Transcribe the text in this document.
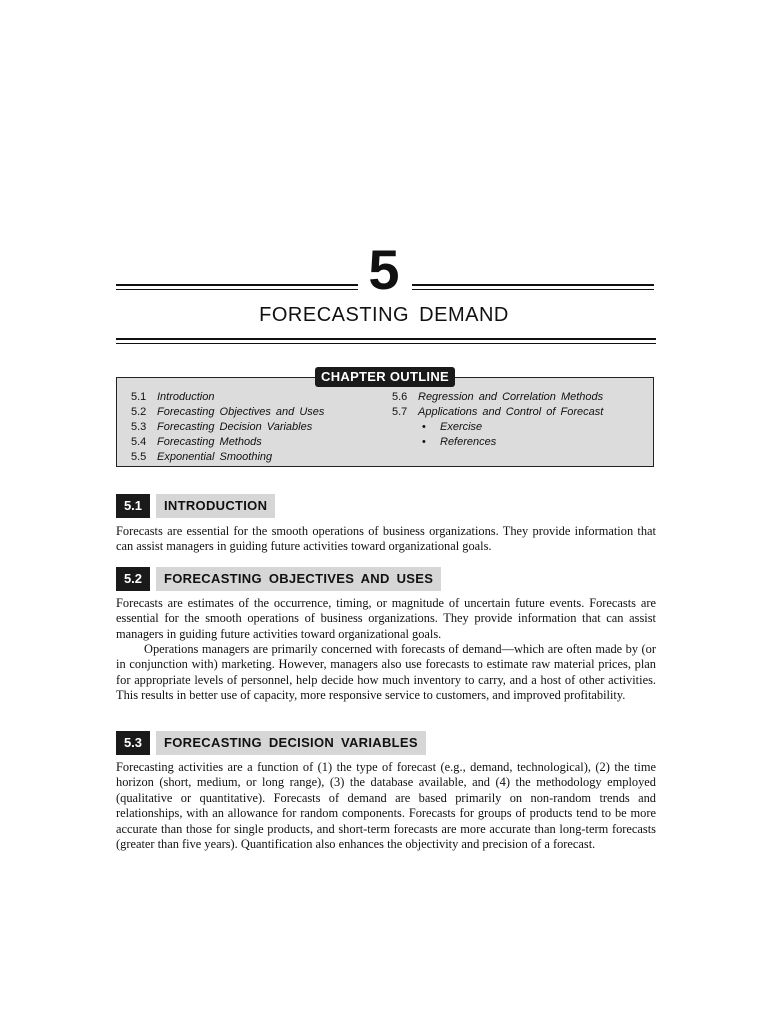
5
FORECASTING DEMAND
CHAPTER OUTLINE
5.1 Introduction
5.2 Forecasting Objectives and Uses
5.3 Forecasting Decision Variables
5.4 Forecasting Methods
5.5 Exponential Smoothing
5.6 Regression and Correlation Methods
5.7 Applications and Control of Forecast
• Exercise
• References
5.1	INTRODUCTION
Forecasts are essential for the smooth operations of business organizations. They provide information that can assist managers in guiding future activities toward organizational goals.
5.2	FORECASTING OBJECTIVES AND USES
Forecasts are estimates of the occurrence, timing, or magnitude of uncertain future events. Forecasts are essential for the smooth operations of business organizations. They provide information that can assist managers in guiding future activities toward organizational goals.
Operations managers are primarily concerned with forecasts of demand—which are often made by (or in conjunction with) marketing. However, managers also use forecasts to estimate raw material prices, plan for appropriate levels of personnel, help decide how much inventory to carry, and a host of other activities. This results in better use of capacity, more responsive service to customers, and improved profitability.
5.3	FORECASTING DECISION VARIABLES
Forecasting activities are a function of (1) the type of forecast (e.g., demand, technological), (2) the time horizon (short, medium, or long range), (3) the database available, and (4) the methodology employed (qualitative or quantitative). Forecasts of demand are based primarily on non-random trends and relationships, with an allowance for random components. Forecasts for groups of products tend to be more accurate than those for single products, and short-term forecasts are more accurate than long-term forecasts (greater than five years). Quantification also enhances the objectivity and precision of a forecast.
